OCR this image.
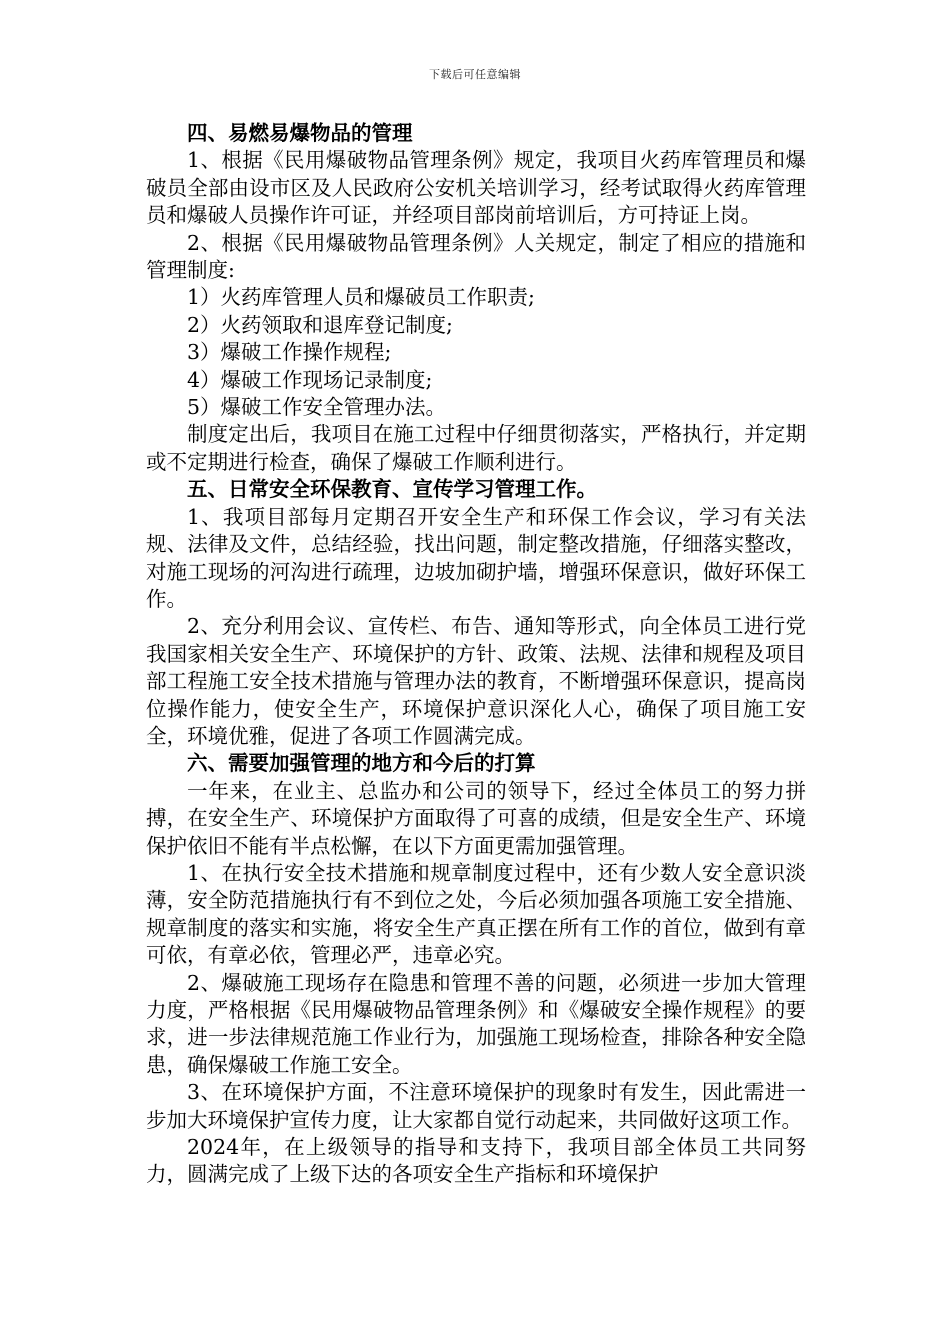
下载后可任意编辑

四、易燃易爆物品的管理

1、根据《民用爆破物品管理条例》规定，我项目火药库管理员和爆破员全部由设市区及人民政府公安机关培训学习，经考试取得火药库管理员和爆破人员操作许可证，并经项目部岗前培训后，方可持证上岗。

2、根据《民用爆破物品管理条例》人关规定，制定了相应的措施和管理制度:

1）火药库管理人员和爆破员工作职责;

2）火药领取和退库登记制度;

3）爆破工作操作规程;

4）爆破工作现场记录制度;

5）爆破工作安全管理办法。

制度定出后，我项目在施工过程中仔细贯彻落实，严格执行，并定期或不定期进行检查，确保了爆破工作顺利进行。

五、日常安全环保教育、宣传学习管理工作。

1、我项目部每月定期召开安全生产和环保工作会议，学习有关法规、法律及文件，总结经验，找出问题，制定整改措施，仔细落实整改，对施工现场的河沟进行疏理，边坡加砌护墙，增强环保意识，做好环保工作。

2、充分利用会议、宣传栏、布告、通知等形式，向全体员工进行党我国家相关安全生产、环境保护的方针、政策、法规、法律和规程及项目部工程施工安全技术措施与管理办法的教育，不断增强环保意识，提高岗位操作能力，使安全生产，环境保护意识深化人心，确保了项目施工安全，环境优雅，促进了各项工作圆满完成。

六、需要加强管理的地方和今后的打算

一年来，在业主、总监办和公司的领导下，经过全体员工的努力拼搏，在安全生产、环境保护方面取得了可喜的成绩，但是安全生产、环境保护依旧不能有半点松懈，在以下方面更需加强管理。

1、在执行安全技术措施和规章制度过程中，还有少数人安全意识淡薄，安全防范措施执行有不到位之处，今后必须加强各项施工安全措施、规章制度的落实和实施，将安全生产真正摆在所有工作的首位，做到有章可依，有章必依，管理必严，违章必究。

2、爆破施工现场存在隐患和管理不善的问题，必须进一步加大管理力度，严格根据《民用爆破物品管理条例》和《爆破安全操作规程》的要求，进一步法律规范施工作业行为，加强施工现场检查，排除各种安全隐患，确保爆破工作施工安全。

3、在环境保护方面，不注意环境保护的现象时有发生，因此需进一步加大环境保护宣传力度，让大家都自觉行动起来，共同做好这项工作。

2024年，在上级领导的指导和支持下，我项目部全体员工共同努力，圆满完成了上级下达的各项安全生产指标和环境保护
